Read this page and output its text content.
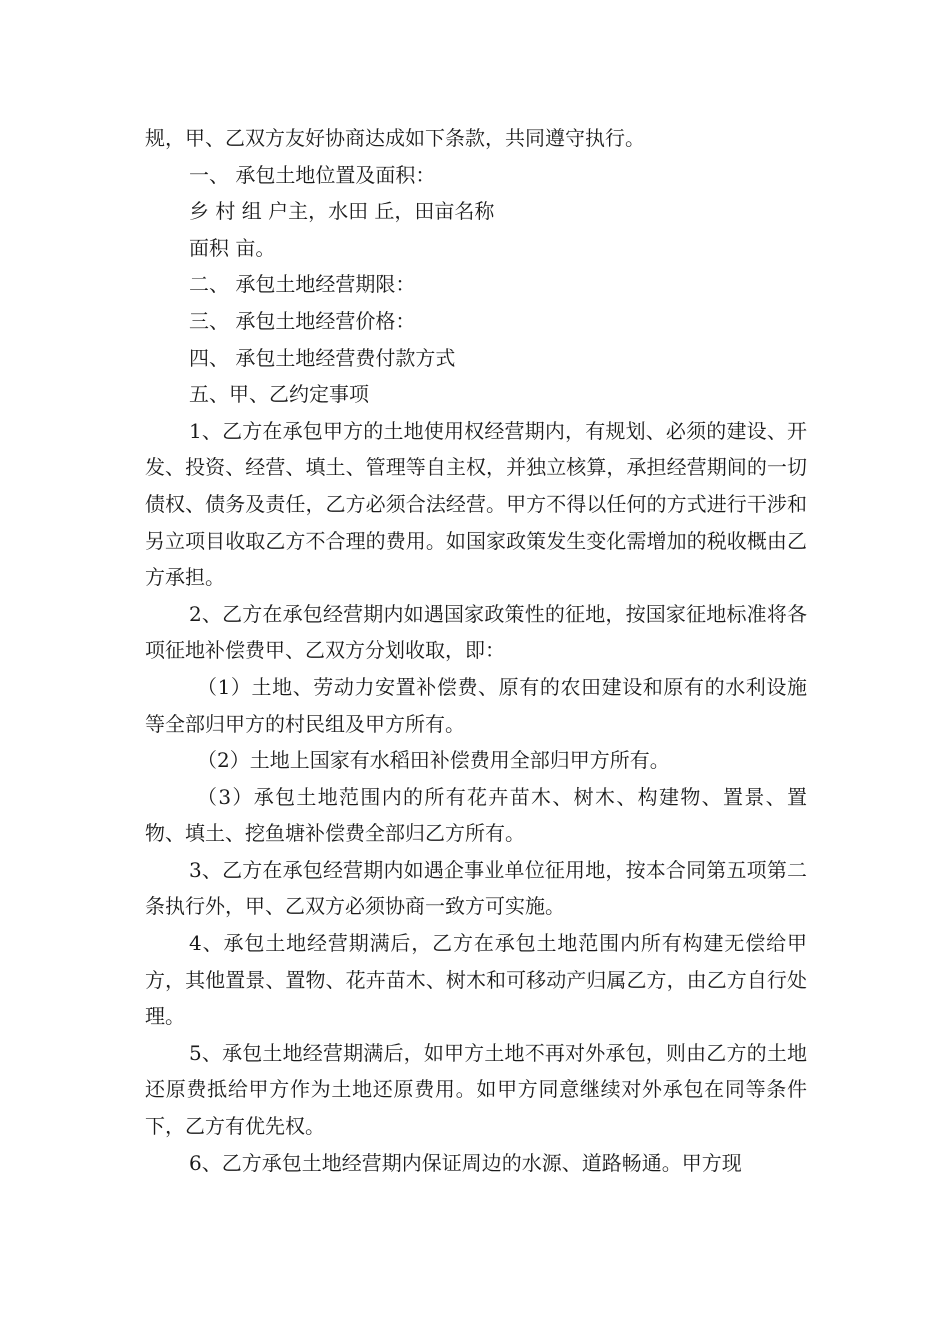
规，甲、乙双方友好协商达成如下条款，共同遵守执行。

一、 承包土地位置及面积：

乡 村 组 户主，水田 丘，田亩名称

面积 亩。

二、 承包土地经营期限：

三、 承包土地经营价格：

四、 承包土地经营费付款方式

五、甲、乙约定事项

1、乙方在承包甲方的土地使用权经营期内，有规划、必须的建设、开发、投资、经营、填土、管理等自主权，并独立核算，承担经营期间的一切债权、债务及责任，乙方必须合法经营。甲方不得以任何的方式进行干涉和另立项目收取乙方不合理的费用。如国家政策发生变化需增加的税收概由乙方承担。

2、乙方在承包经营期内如遇国家政策性的征地，按国家征地标准将各项征地补偿费甲、乙双方分划收取，即：

（1）土地、劳动力安置补偿费、原有的农田建设和原有的水利设施等全部归甲方的村民组及甲方所有。

（2）土地上国家有水稻田补偿费用全部归甲方所有。

（3）承包土地范围内的所有花卉苗木、树木、构建物、置景、置物、填土、挖鱼塘补偿费全部归乙方所有。

3、乙方在承包经营期内如遇企事业单位征用地，按本合同第五项第二条执行外，甲、乙双方必须协商一致方可实施。

4、承包土地经营期满后，乙方在承包土地范围内所有构建无偿给甲方，其他置景、置物、花卉苗木、树木和可移动产归属乙方，由乙方自行处理。

5、承包土地经营期满后，如甲方土地不再对外承包，则由乙方的土地还原费抵给甲方作为土地还原费用。如甲方同意继续对外承包在同等条件下，乙方有优先权。

6、乙方承包土地经营期内保证周边的水源、道路畅通。甲方现
